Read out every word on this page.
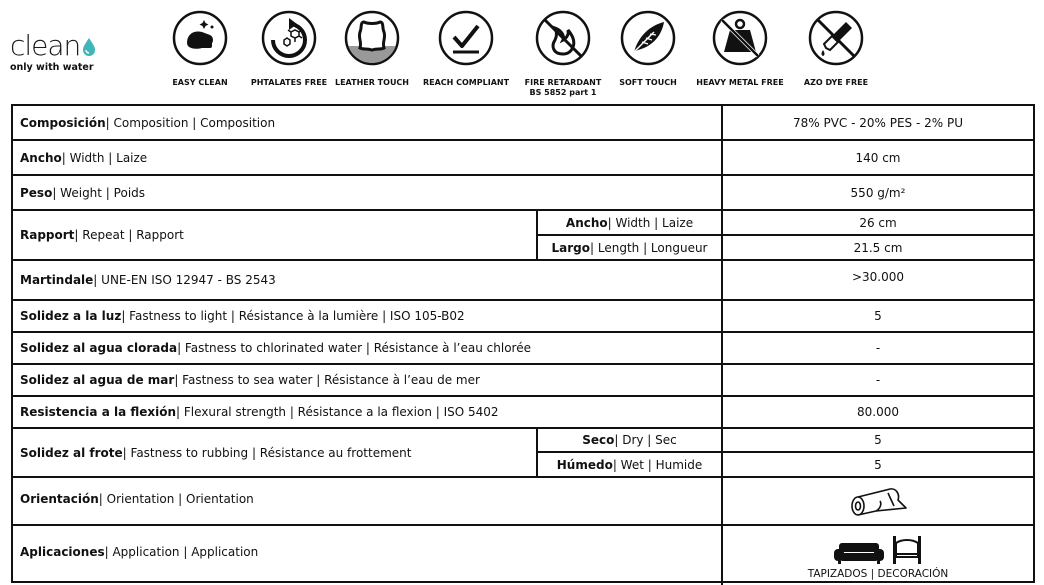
clean
only with water
EASY CLEAN	PHTALATES FREE LEATHER TOUCH	REACH COMPLIANT	FIRE RETARDANT
BS 5852 part 1
SOFT TOUCH	HEAVY METAL FREE	AZO DYE FREE
Composición | Composition | Composition	78% PVC - 20% PES - 2% PU
Ancho | Width | Laize	140 cm
Peso | Weight | Poids	550 g/m²
Rapport | Repeat | Rapport
Ancho | Width | Laize	26 cm
Largo | Length | Longueur	21.5 cm
Martindale | UNE-EN ISO 12947 - BS 2543	>30.000
Solidez a la luz | Fastness to light | Résistance à la lumière | ISO 105-B02	5
Solidez al agua clorada | Fastness to chlorinated water | Résistance à l’eau chlorée	-
Solidez al agua de mar | Fastness to sea water | Résistance à l’eau de mer	-
Resistencia a la flexión | Flexural strength | Résistance a la flexion | ISO 5402	80.000
Solidez al frote | Fastness to rubbing | Résistance au frottement
Seco | Dry | Sec	5
Húmedo | Wet | Humide	5
Orientación | Orientation | Orientation
Aplicaciones | Application | Application
TAPIZADOS | DECORACIÓN
